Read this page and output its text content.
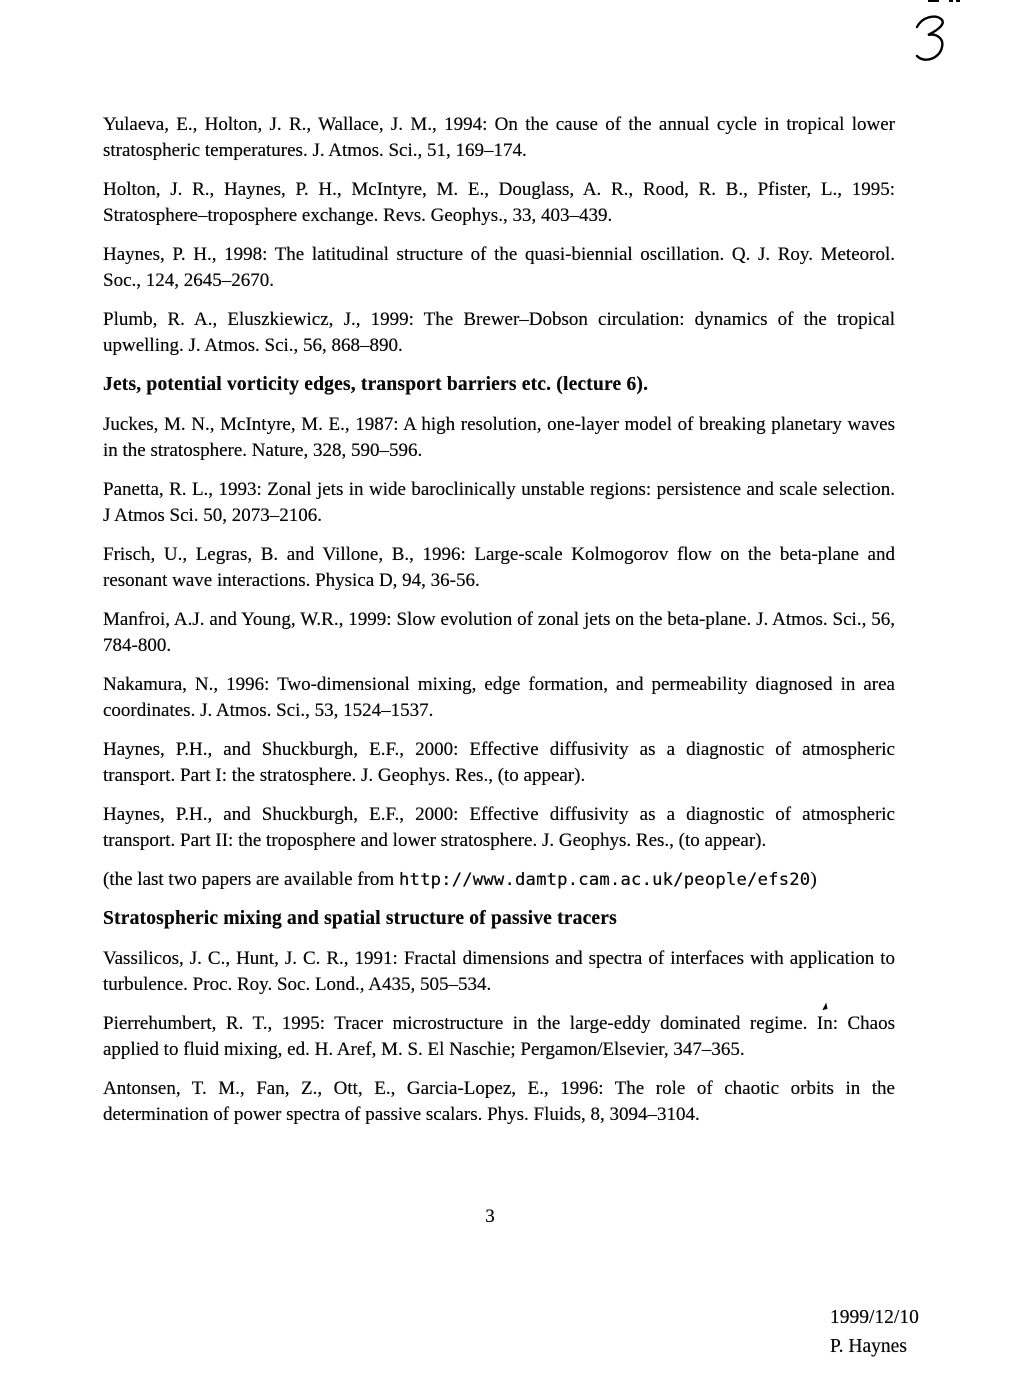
Yulaeva, E., Holton, J. R., Wallace, J. M., 1994: On the cause of the annual cycle in tropical lower stratospheric temperatures. J. Atmos. Sci., 51, 169–174.

Holton, J. R., Haynes, P. H., McIntyre, M. E., Douglass, A. R., Rood, R. B., Pfister, L., 1995: Stratosphere–troposphere exchange. Revs. Geophys., 33, 403–439.

Haynes, P. H., 1998: The latitudinal structure of the quasi-biennial oscillation. Q. J. Roy. Meteorol. Soc., 124, 2645–2670.

Plumb, R. A., Eluszkiewicz, J., 1999: The Brewer–Dobson circulation: dynamics of the tropical upwelling. J. Atmos. Sci., 56, 868–890.

Jets, potential vorticity edges, transport barriers etc. (lecture 6).

Juckes, M. N., McIntyre, M. E., 1987: A high resolution, one-layer model of breaking planetary waves in the stratosphere. Nature, 328, 590–596.

Panetta, R. L., 1993: Zonal jets in wide baroclinically unstable regions: persistence and scale selection. J Atmos Sci. 50, 2073–2106.

Frisch, U., Legras, B. and Villone, B., 1996: Large-scale Kolmogorov flow on the beta-plane and resonant wave interactions. Physica D, 94, 36-56.

Manfroi, A.J. and Young, W.R., 1999: Slow evolution of zonal jets on the beta-plane. J. Atmos. Sci., 56, 784-800.

Nakamura, N., 1996: Two-dimensional mixing, edge formation, and permeability diagnosed in area coordinates. J. Atmos. Sci., 53, 1524–1537.

Haynes, P.H., and Shuckburgh, E.F., 2000: Effective diffusivity as a diagnostic of atmospheric transport. Part I: the stratosphere. J. Geophys. Res., (to appear).

Haynes, P.H., and Shuckburgh, E.F., 2000: Effective diffusivity as a diagnostic of atmospheric transport. Part II: the troposphere and lower stratosphere. J. Geophys. Res., (to appear).

(the last two papers are available from http://www.damtp.cam.ac.uk/people/efs20)

Stratospheric mixing and spatial structure of passive tracers

Vassilicos, J. C., Hunt, J. C. R., 1991: Fractal dimensions and spectra of interfaces with application to turbulence. Proc. Roy. Soc. Lond., A435, 505–534.

Pierrehumbert, R. T., 1995: Tracer microstructure in the large-eddy dominated regime. In: Chaos applied to fluid mixing, ed. H. Aref, M. S. El Naschie; Pergamon/Elsevier, 347–365.

Antonsen, T. M., Fan, Z., Ott, E., Garcia-Lopez, E., 1996: The role of chaotic orbits in the determination of power spectra of passive scalars. Phys. Fluids, 8, 3094–3104.

3
1999/12/10
P. Haynes
